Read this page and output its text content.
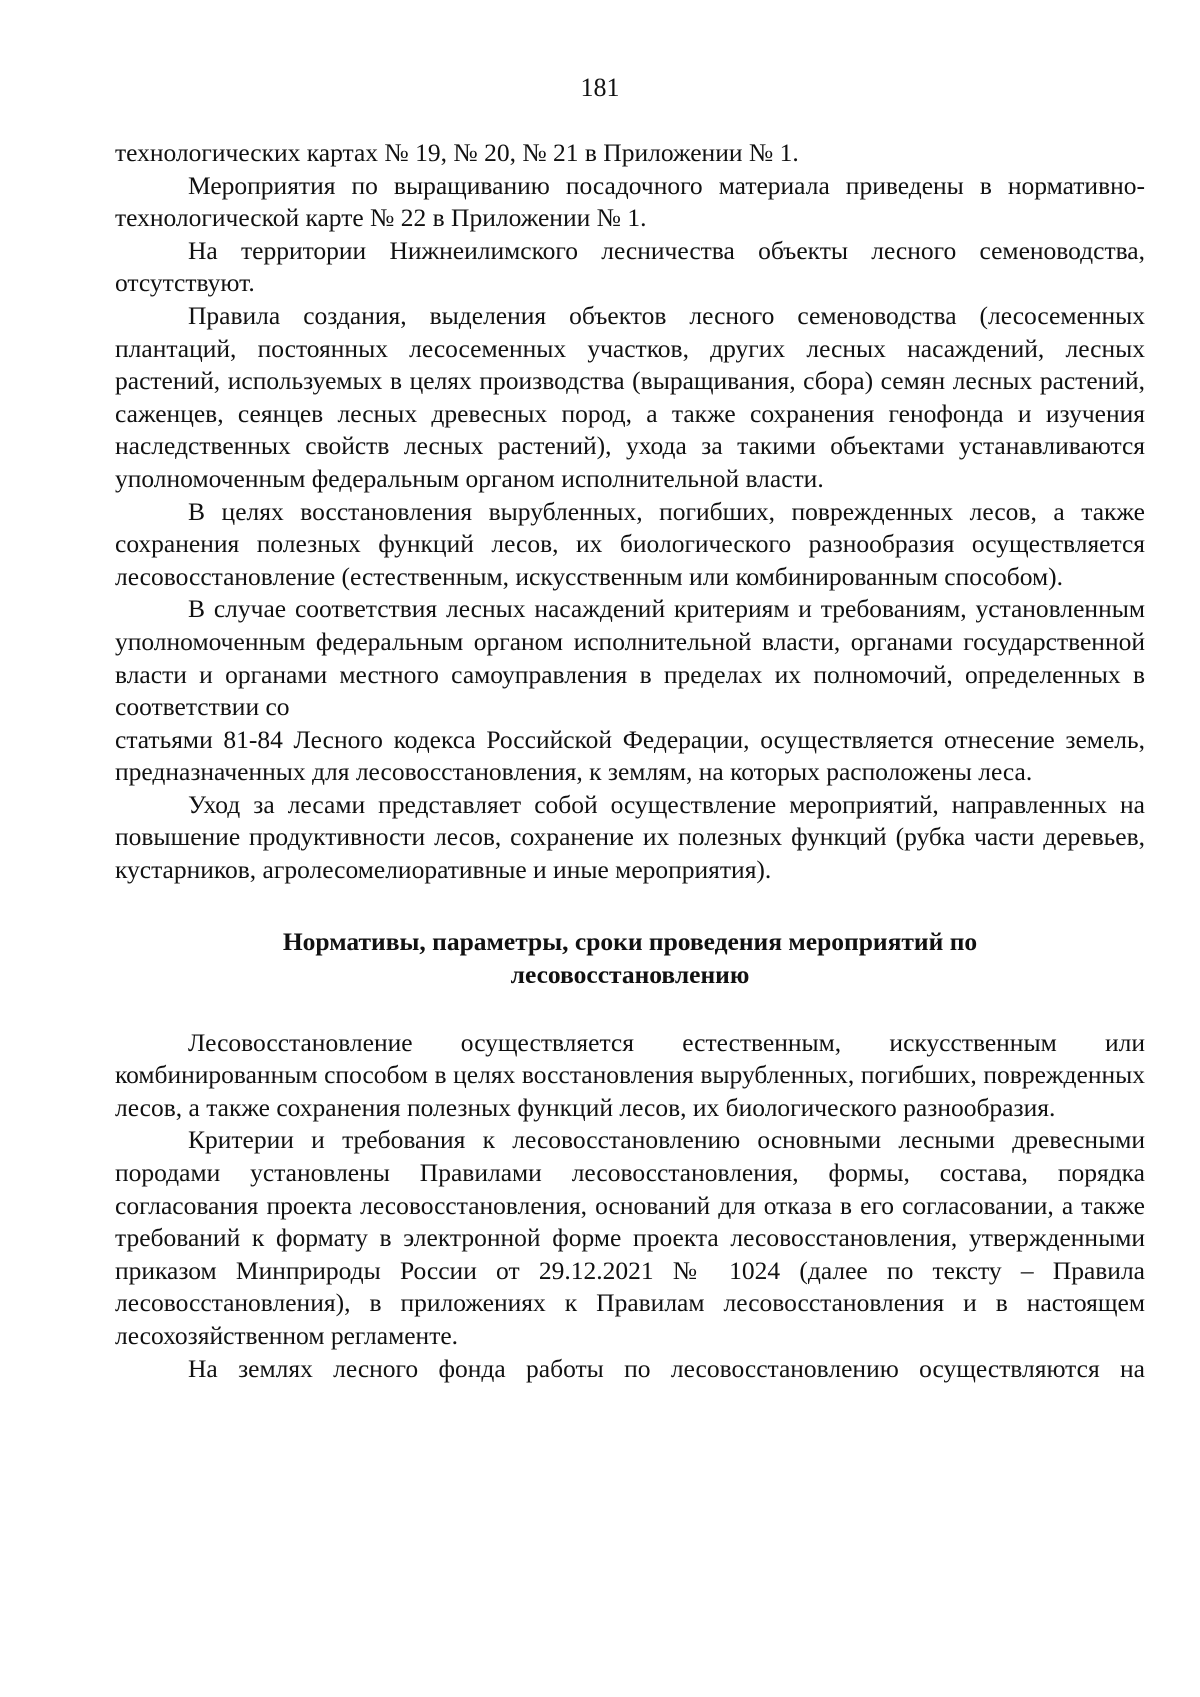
181

технологических картах № 19, № 20, № 21 в Приложении № 1.

Мероприятия по выращиванию посадочного материала приведены в нормативно-технологической карте № 22 в Приложении № 1.

На территории Нижнеилимского лесничества объекты лесного семеноводства, отсутствуют.

Правила создания, выделения объектов лесного семеноводства (лесосеменных плантаций, постоянных лесосеменных участков, других лесных насаждений, лесных растений, используемых в целях производства (выращивания, сбора) семян лесных растений, саженцев, сеянцев лесных древесных пород, а также сохранения генофонда и изучения наследственных свойств лесных растений), ухода за такими объектами устанавливаются уполномоченным федеральным органом исполнительной власти.

В целях восстановления вырубленных, погибших, поврежденных лесов, а также сохранения полезных функций лесов, их биологического разнообразия осуществляется лесовосстановление (естественным, искусственным или комбинированным способом).

В случае соответствия лесных насаждений критериям и требованиям, установленным уполномоченным федеральным органом исполнительной власти, органами государственной власти и органами местного самоуправления в пределах их полномочий, определенных в соответствии со

статьями 81-84 Лесного кодекса Российской Федерации, осуществляется отнесение земель, предназначенных для лесовосстановления, к землям, на которых расположены леса.

Уход за лесами представляет собой осуществление мероприятий, направленных на повышение продуктивности лесов, сохранение их полезных функций (рубка части деревьев, кустарников, агролесомелиоративные и иные мероприятия).

Нормативы, параметры, сроки проведения мероприятий по
лесовосстановлению

Лесовосстановление осуществляется естественным, искусственным или комбинированным способом в целях восстановления вырубленных, погибших, поврежденных лесов, а также сохранения полезных функций лесов, их биологического разнообразия.

Критерии и требования к лесовосстановлению основными лесными древесными породами установлены Правилами лесовосстановления, формы, состава, порядка согласования проекта лесовосстановления, оснований для отказа в его согласовании, а также требований к формату в электронной форме проекта лесовосстановления, утвержденными приказом Минприроды России от 29.12.2021 № 1024 (далее по тексту – Правила лесовосстановления), в приложениях к Правилам лесовосстановления и в настоящем лесохозяйственном регламенте.

На землях лесного фонда работы по лесовосстановлению осуществляются на
